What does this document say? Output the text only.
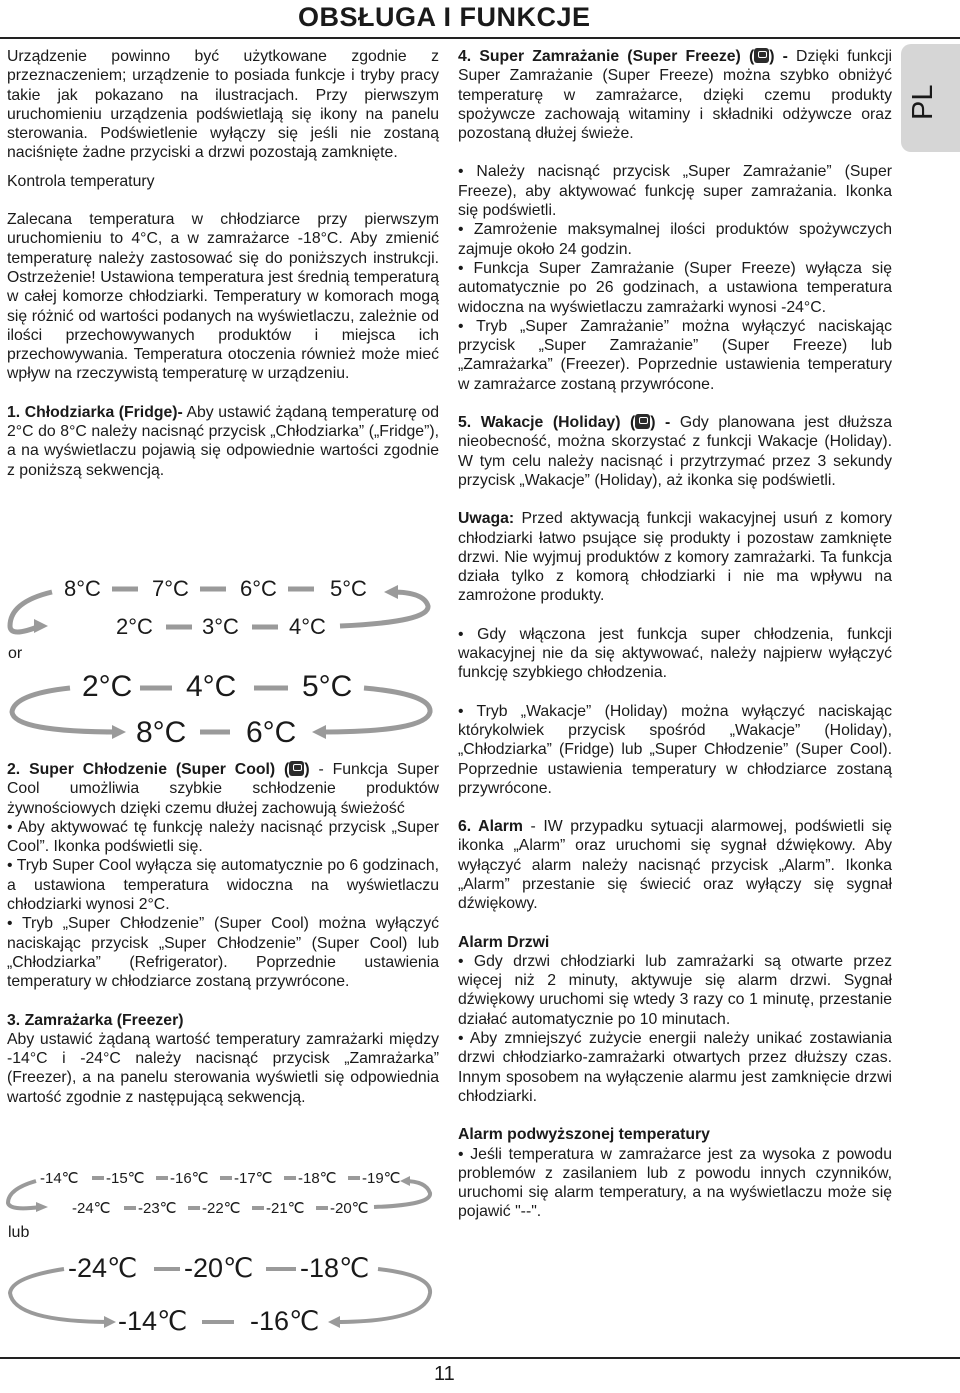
OBSŁUGA I FUNKCJE
PL

Urządzenie powinno być użytkowane zgodnie z przeznaczeniem; urządzenie to posiada funkcje i tryby pracy takie jak pokazano na ilustracjach. Przy pierwszym uruchomieniu urządzenia podświetlają się ikony na panelu sterowania. Podświetlenie wyłączy się jeśli nie zostaną naciśnięte żadne przyciski a drzwi pozostają zamknięte.

Kontrola temperatury

Zalecana temperatura w chłodziarce przy pierwszym uruchomieniu to 4°C, a w zamrażarce -18°C. Aby zmienić temperaturę należy zastosować się do poniższych instrukcji. Ostrzeżenie! Ustawiona temperatura jest średnią temperaturą w całej komorze chłodziarki. Temperatury w komorach mogą się różnić od wartości podanych na wyświetlaczu, zależnie od ilości przechowywanych produktów i miejsca ich przechowywania. Temperatura otoczenia również może mieć wpływ na rzeczywistą temperaturę w urządzeniu.

1. Chłodziarka (Fridge)- Aby ustawić żądaną temperaturę od 2°C do 8°C należy nacisnąć przycisk „Chłodziarka” („Fridge”), a na wyświetlaczu pojawią się odpowiednie wartości zgodnie z poniższą sekwencją.

8°C 7°C 6°C 5°C
2°C 3°C 4°C
or
2°C 4°C 5°C
8°C 6°C

2. Super Chłodzenie (Super Cool) ( ) - Funkcja Super Cool umożliwia szybkie schłodzenie produktów żywnościowych dzięki czemu dłużej zachowują świeżość

• Aby aktywować tę funkcję należy nacisnąć przycisk „Super Cool”. Ikonka podświetli się.

• Tryb Super Cool wyłącza się automatycznie po 6 godzinach, a ustawiona temperatura widoczna na wyświetlaczu chłodziarki wynosi 2°C.

• Tryb „Super Chłodzenie” (Super Cool) można wyłączyć naciskając przycisk „Super Chłodzenie” (Super Cool) lub „Chłodziarka” (Refrigerator). Poprzednie ustawienia temperatury w chłodziarce zostaną przywrócone.

3. Zamrażarka (Freezer)

Aby ustawić żądaną wartość temperatury zamrażarki między -14°C i -24°C należy nacisnąć przycisk „Zamrażarka” (Freezer), a na panelu sterowania wyświetli się odpowiednia wartość zgodnie z następującą sekwencją.

-14℃ -15℃ -16℃ -17℃ -18℃ -19℃
-24℃ -23℃ -22℃ -21℃ -20℃
lub
-24℃ -20℃ -18℃
-14℃ -16℃

4. Super Zamrażanie (Super Freeze) ( ) - Dzięki funkcji Super Zamrażanie (Super Freeze) można szybko obniżyć temperaturę w zamrażarce, dzięki czemu produkty spożywcze zachowają witaminy i składniki odżywcze oraz pozostaną dłużej świeże.

• Należy nacisnąć przycisk „Super Zamrażanie” (Super Freeze), aby aktywować funkcję super zamrażania. Ikonka się podświetli.

• Zamrożenie maksymalnej ilości produktów spożywczych zajmuje około 24 godzin.

• Funkcja Super Zamrażanie (Super Freeze) wyłącza się automatycznie po 26 godzinach, a ustawiona temperatura widoczna na wyświetlaczu zamrażarki wynosi -24°C.

• Tryb „Super Zamrażanie” można wyłączyć naciskając przycisk „Super Zamrażanie” (Super Freeze) lub „Zamrażarka” (Freezer). Poprzednie ustawienia temperatury w zamrażarce zostaną przywrócone.

5. Wakacje (Holiday) ( ) - Gdy planowana jest dłuższa nieobecność, można skorzystać z funkcji Wakacje (Holiday). W tym celu należy nacisnąć i przytrzymać przez 3 sekundy przycisk „Wakacje” (Holiday), aż ikonka się podświetli.

Uwaga: Przed aktywacją funkcji wakacyjnej usuń z komory chłodziarki łatwo psujące się produkty i pozostaw zamknięte drzwi. Nie wyjmuj produktów z komory zamrażarki. Ta funkcja działa tylko z komorą chłodziarki i nie ma wpływu na zamrożone produkty.

• Gdy włączona jest funkcja super chłodzenia, funkcji wakacyjnej nie da się aktywować, należy najpierw wyłączyć funkcję szybkiego chłodzenia.

• Tryb „Wakacje” (Holiday) można wyłączyć naciskając którykolwiek przycisk spośród „Wakacje” (Holiday), „Chłodziarka” (Fridge) lub „Super Chłodzenie” (Super Cool). Poprzednie ustawienia temperatury w chłodziarce zostaną przywrócone.

6. Alarm - IW przypadku sytuacji alarmowej, podświetli się ikonka „Alarm” oraz uruchomi się sygnał dźwiękowy. Aby wyłączyć alarm należy nacisnąć przycisk „Alarm”. Ikonka „Alarm” przestanie się świecić oraz wyłączy się sygnał dźwiękowy.

Alarm Drzwi

• Gdy drzwi chłodziarki lub zamrażarki są otwarte przez więcej niż 2 minuty, aktywuje się alarm drzwi. Sygnał dźwiękowy uruchomi się wtedy 3 razy co 1 minutę, przestanie działać automatycznie po 10 minutach.

• Aby zmniejszyć zużycie energii należy unikać zostawiania drzwi chłodziarko-zamrażarki otwartych przez dłuższy czas. Innym sposobem na wyłączenie alarmu jest zamknięcie drzwi chłodziarki.

Alarm podwyższonej temperatury

• Jeśli temperatura w zamrażarce jest za wysoka z powodu problemów z zasilaniem lub z powodu innych czynników, uruchomi się alarm temperatury, a na wyświetlaczu może się pojawić "--".

11
